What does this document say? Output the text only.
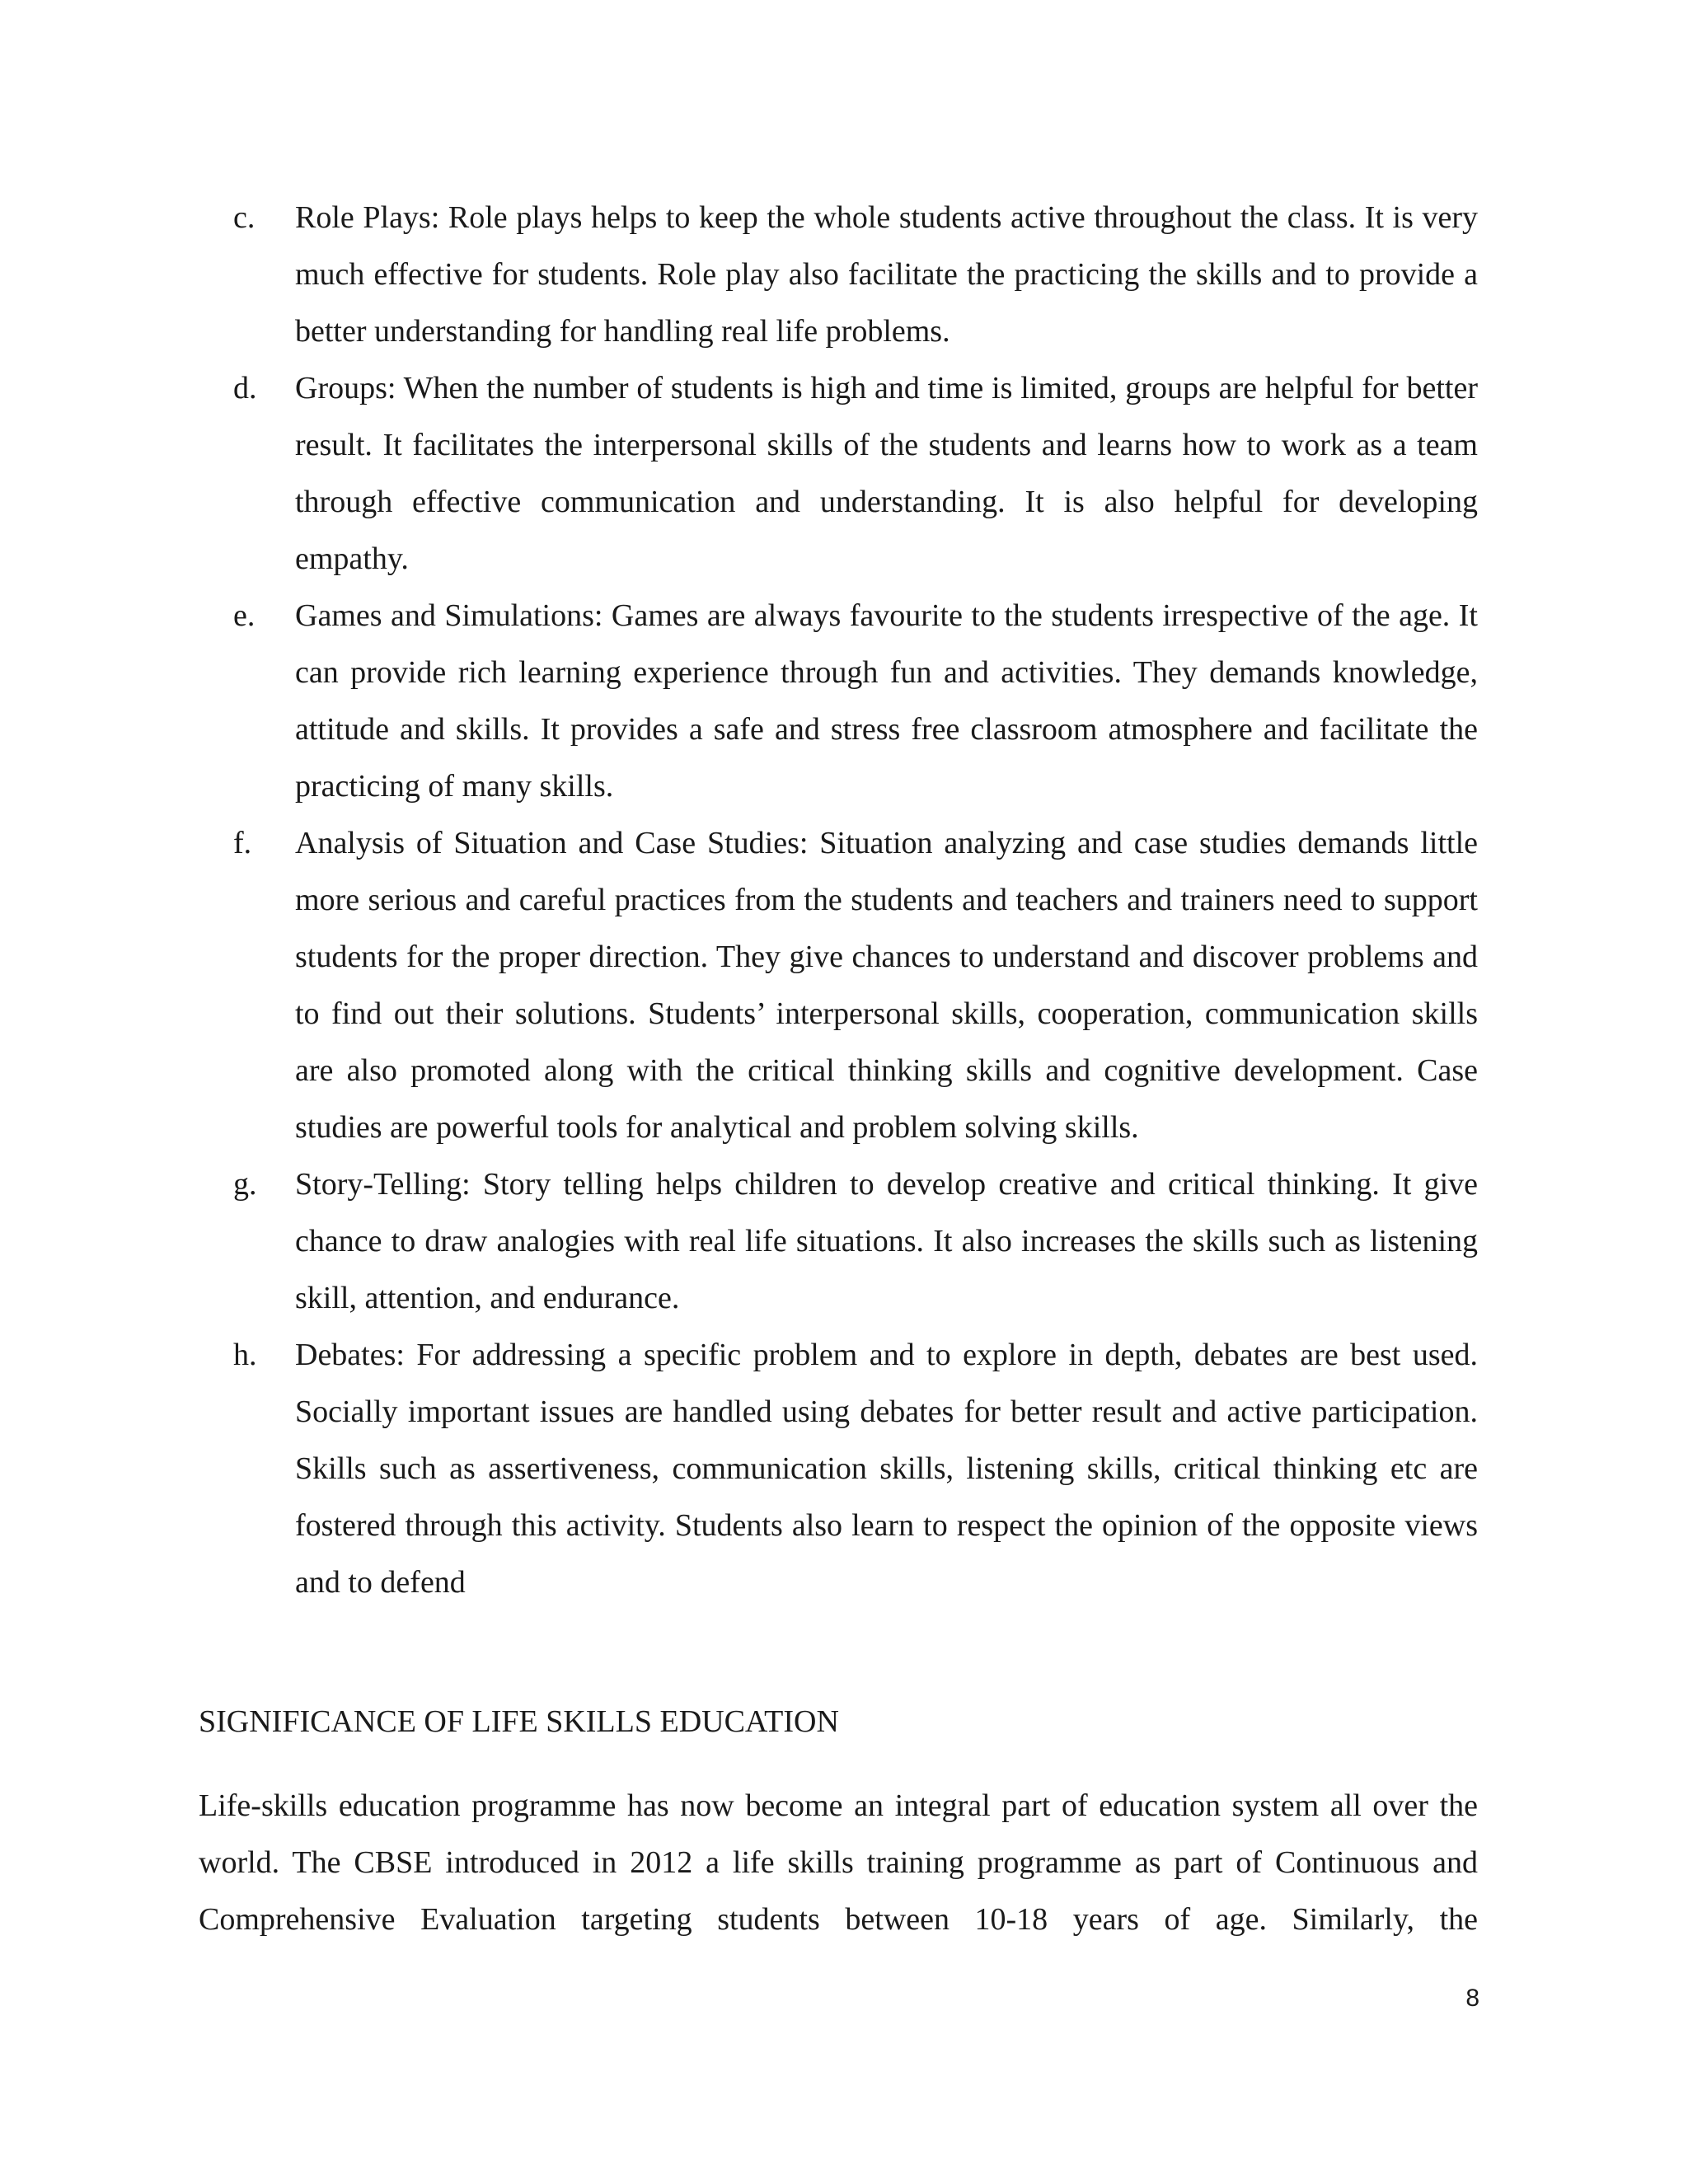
c.	Role Plays: Role plays helps to keep the whole students active throughout the class. It is very much effective for students. Role play also facilitate the practicing the skills and to provide a better understanding for handling real life problems.
d.	Groups: When the number of students is high and time is limited, groups are helpful for better result. It facilitates the interpersonal skills of the students and learns how to work as a team through effective communication and understanding. It is also helpful for developing empathy.
e.	Games and Simulations: Games are always favourite to the students irrespective of the age. It can provide rich learning experience through fun and activities. They demands knowledge, attitude and skills. It provides a safe and stress free classroom atmosphere and facilitate the practicing of many skills.
f.	Analysis of Situation and Case Studies: Situation analyzing and case studies demands little more serious and careful practices from the students and teachers and trainers need to support students for the proper direction. They give chances to understand and discover problems and to find out their solutions. Students’ interpersonal skills, cooperation, communication skills are also promoted along with the critical thinking skills and cognitive development. Case studies are powerful tools for analytical and problem solving skills.
g.	Story-Telling: Story telling helps children to develop creative and critical thinking. It give chance to draw analogies with real life situations. It also increases the skills such as listening skill, attention, and endurance.
h.	Debates: For addressing a specific problem and to explore in depth, debates are best used. Socially important issues are handled using debates for better result and active participation. Skills such as assertiveness, communication skills, listening skills, critical thinking etc are fostered through this activity. Students also learn to respect the opinion of the opposite views and to defend
SIGNIFICANCE OF LIFE SKILLS EDUCATION

Life-skills education programme has now become an integral part of education system all over the world. The CBSE introduced in 2012 a life skills training programme as part of Continuous and Comprehensive Evaluation targeting students between 10-18 years of age. Similarly, the

8
